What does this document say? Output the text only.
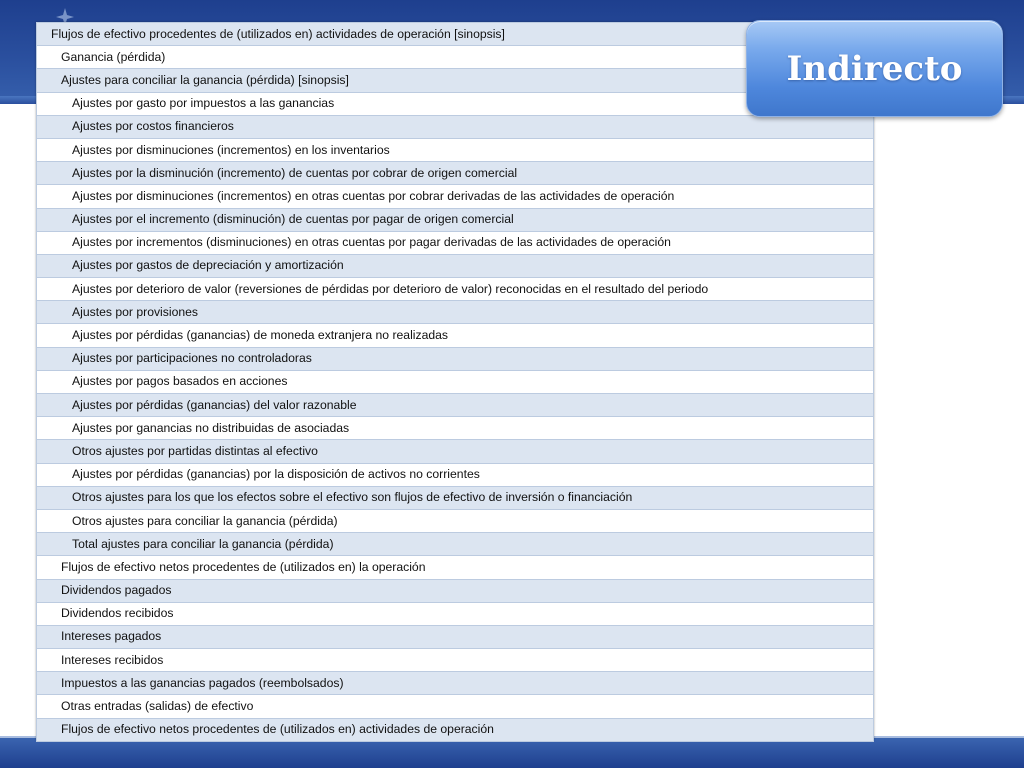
Flujos de efectivo procedentes de (utilizados en) actividades de operación [sinopsis]
Ganancia (pérdida)
Ajustes para conciliar la ganancia (pérdida) [sinopsis]
Ajustes por gasto por impuestos a las ganancias
Ajustes por costos financieros
Ajustes por disminuciones (incrementos) en los inventarios
Ajustes por la disminución (incremento) de cuentas por cobrar de origen comercial
Ajustes por disminuciones (incrementos) en otras cuentas por cobrar derivadas de las actividades de operación
Ajustes por el incremento (disminución) de cuentas por pagar de origen comercial
Ajustes por incrementos (disminuciones) en otras cuentas por pagar derivadas de las actividades de operación
Ajustes por gastos de depreciación y amortización
Ajustes por deterioro de valor (reversiones de pérdidas por deterioro de valor) reconocidas en el resultado del periodo
Ajustes por provisiones
Ajustes por pérdidas (ganancias) de moneda extranjera no realizadas
Ajustes por participaciones no controladoras
Ajustes por pagos basados en acciones
Ajustes por pérdidas (ganancias) del valor razonable
Ajustes por ganancias no distribuidas de asociadas
Otros ajustes por partidas distintas al efectivo
Ajustes por pérdidas (ganancias) por la disposición de activos no corrientes
Otros ajustes para los que los efectos sobre el efectivo son flujos de efectivo de inversión o financiación
Otros ajustes para conciliar la ganancia (pérdida)
Total ajustes para conciliar la ganancia (pérdida)
Flujos de efectivo netos procedentes de (utilizados en) la operación
Dividendos pagados
Dividendos recibidos
Intereses pagados
Intereses recibidos
Impuestos a las ganancias pagados (reembolsados)
Otras entradas (salidas) de efectivo
Flujos de efectivo netos procedentes de (utilizados en) actividades de operación
Indirecto
